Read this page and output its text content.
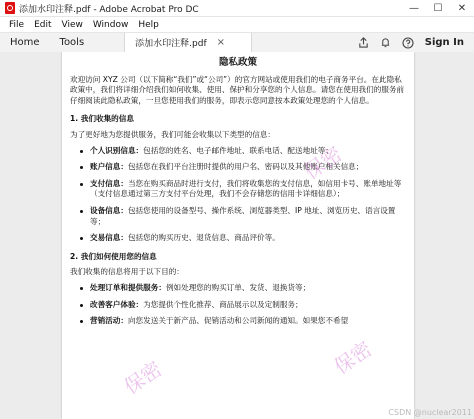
添加水印注释.pdf - Adobe Acrobat Pro DC	—	☐	✕
File	Edit	View	Window	Help
Home	Tools	添加水印注释.pdf ×	Sign In
隐私政策
欢迎访问 XYZ 公司（以下简称“我们”或“公司”）的官方网站或使用我们的电子商务平台。在此隐私政策中，我们将详细介绍我们如何收集、使用、保护和分享您的个人信息。请您在使用我们的服务前仔细阅读此隐私政策，一旦您使用我们的服务，即表示您同意按本政策处理您的个人信息。
1. 我们收集的信息
为了更好地为您提供服务，我们可能会收集以下类型的信息：
个人识别信息：包括您的姓名、电子邮件地址、联系电话、配送地址等；
账户信息：包括您在我们平台注册时提供的用户名、密码以及其他账户相关信息；
支付信息：当您在购买商品时进行支付，我们将收集您的支付信息，如信用卡号、账单地址等（支付信息通过第三方支付平台处理，我们不会存储您的信用卡详细信息）；
设备信息：包括您使用的设备型号、操作系统、浏览器类型、IP 地址、浏览历史、语言设置等；
交易信息：包括您的购买历史、退货信息、商品评价等。
2. 我们如何使用您的信息
我们收集的信息将用于以下目的：
处理订单和提供服务：例如处理您的购买订单、发货、退换货等；
改善客户体验：为您提供个性化推荐、商品展示以及定制服务；
营销活动：向您发送关于新产品、促销活动和公司新闻的通知。如果您不希望
保密
保密
保密
CSDN @nuclear2011
